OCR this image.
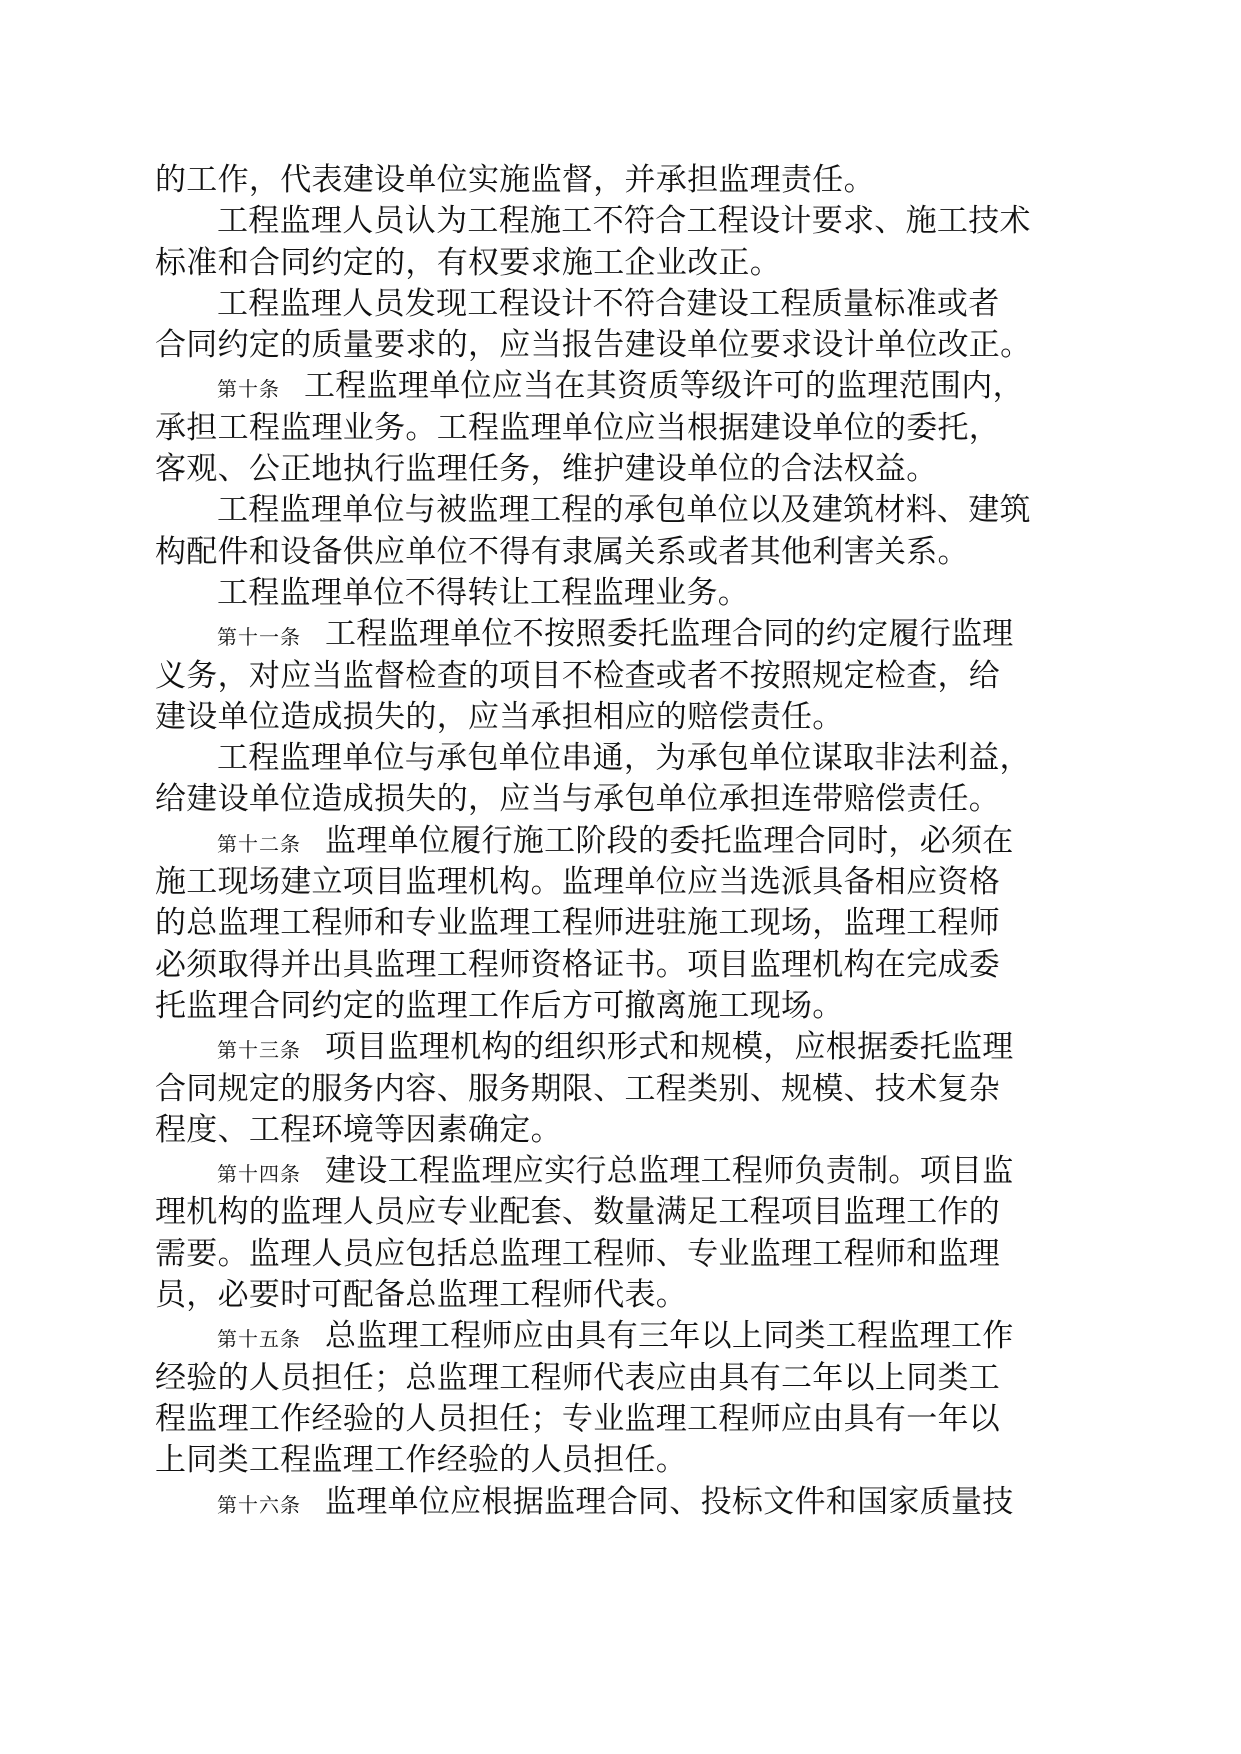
的工作，代表建设单位实施监督，并承担监理责任。
工程监理人员认为工程施工不符合工程设计要求、施工技术
标准和合同约定的，有权要求施工企业改正。
工程监理人员发现工程设计不符合建设工程质量标准或者
合同约定的质量要求的，应当报告建设单位要求设计单位改正。
第十条 工程监理单位应当在其资质等级许可的监理范围内，
承担工程监理业务。工程监理单位应当根据建设单位的委托，
客观、公正地执行监理任务，维护建设单位的合法权益。
工程监理单位与被监理工程的承包单位以及建筑材料、建筑
构配件和设备供应单位不得有隶属关系或者其他利害关系。
工程监理单位不得转让工程监理业务。
第十一条 工程监理单位不按照委托监理合同的约定履行监理
义务，对应当监督检查的项目不检查或者不按照规定检查，给
建设单位造成损失的，应当承担相应的赔偿责任。
工程监理单位与承包单位串通，为承包单位谋取非法利益，
给建设单位造成损失的，应当与承包单位承担连带赔偿责任。
第十二条 监理单位履行施工阶段的委托监理合同时，必须在
施工现场建立项目监理机构。监理单位应当选派具备相应资格
的总监理工程师和专业监理工程师进驻施工现场，监理工程师
必须取得并出具监理工程师资格证书。项目监理机构在完成委
托监理合同约定的监理工作后方可撤离施工现场。
第十三条 项目监理机构的组织形式和规模，应根据委托监理
合同规定的服务内容、服务期限、工程类别、规模、技术复杂
程度、工程环境等因素确定。
第十四条 建设工程监理应实行总监理工程师负责制。项目监
理机构的监理人员应专业配套、数量满足工程项目监理工作的
需要。监理人员应包括总监理工程师、专业监理工程师和监理
员，必要时可配备总监理工程师代表。
第十五条 总监理工程师应由具有三年以上同类工程监理工作
经验的人员担任；总监理工程师代表应由具有二年以上同类工
程监理工作经验的人员担任；专业监理工程师应由具有一年以
上同类工程监理工作经验的人员担任。
第十六条 监理单位应根据监理合同、投标文件和国家质量技
